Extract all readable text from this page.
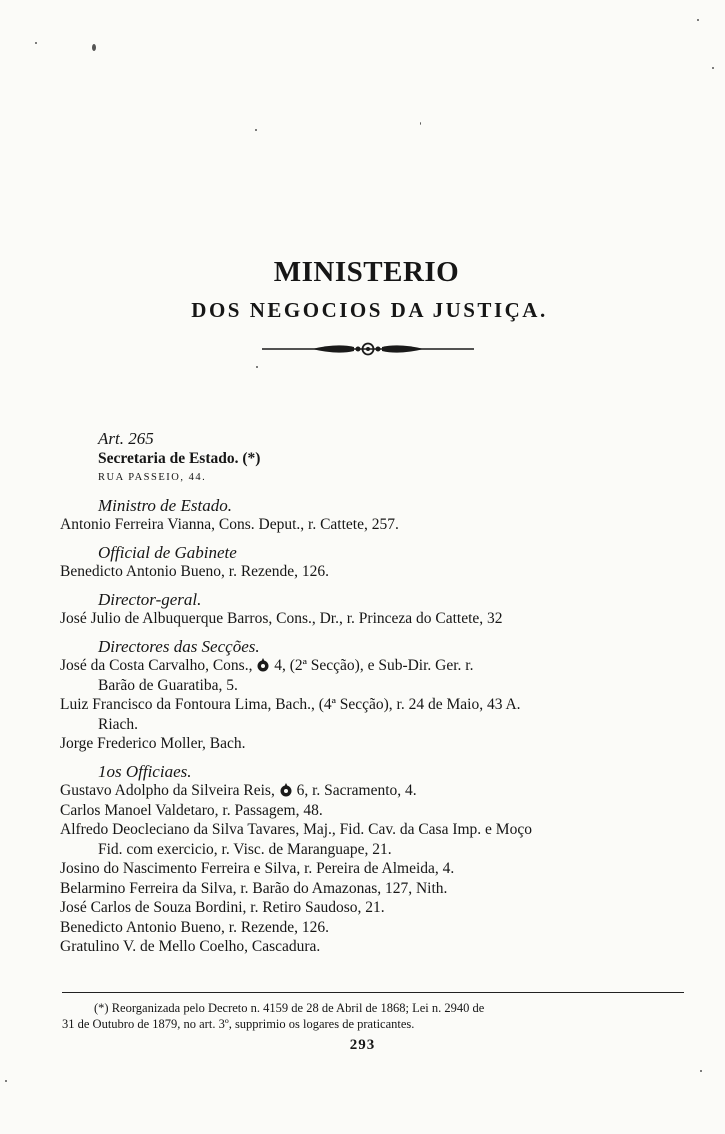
MINISTERIO
DOS NEGOCIOS DA JUSTIÇA.

Art. 265

Secretaria de Estado. (*)

RUA PASSEIO, 44.

Ministro de Estado.

Antonio Ferreira Vianna, Cons. Deput., r. Cattete, 257.

Official de Gabinete

Benedicto Antonio Bueno, r. Rezende, 126.

Director-geral.

José Julio de Albuquerque Barros, Cons., Dr., r. Princeza do Cattete, 32

Directores das Secções.

José da Costa Carvalho, Cons.,  4, (2ª Secção), e Sub-Dir. Ger. r.

Barão de Guaratiba, 5.

Luiz Francisco da Fontoura Lima, Bach., (4ª Secção), r. 24 de Maio, 43 A.

Riach.

Jorge Frederico Moller, Bach.

1os Officiaes.

Gustavo Adolpho da Silveira Reis,  6, r. Sacramento, 4.

Carlos Manoel Valdetaro, r. Passagem, 48.

Alfredo Deocleciano da Silva Tavares, Maj., Fid. Cav. da Casa Imp. e Moço

Fid. com exercicio, r. Visc. de Maranguape, 21.

Josino do Nascimento Ferreira e Silva, r. Pereira de Almeida, 4.

Belarmino Ferreira da Silva, r. Barão do Amazonas, 127, Nith.

José Carlos de Souza Bordini, r. Retiro Saudoso, 21.

Benedicto Antonio Bueno, r. Rezende, 126.

Gratulino V. de Mello Coelho, Cascadura.

(*) Reorganizada pelo Decreto n. 4159 de 28 de Abril de 1868; Lei n. 2940 de

31 de Outubro de 1879, no art. 3º, supprimio os logares de praticantes.

293
